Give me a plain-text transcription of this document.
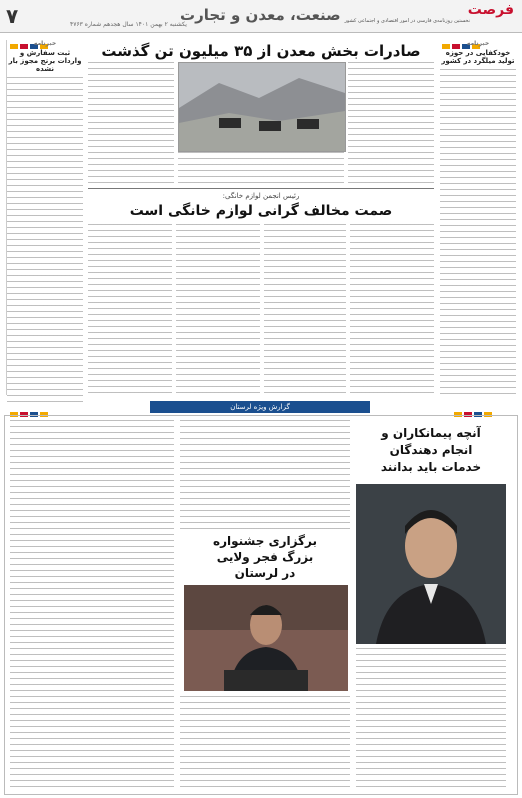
۷	صنعت، معدن و تجارت
یکشنبه ۲ بهمن ۱۴۰۱ سال هجدهم شماره ۴۷۶۳
فرصت
نخستین روزنامه‌ی فارسی در امور اقتصادی و اجتماعی کشور
خبرنامه
ثبت سفارش و واردات برنج مجوز بار نشده
خبرنامه
خودکفایی در حوزه تولید میلگرد در کشور
صادرات بخش معدن از ۳۵ میلیون تن گذشت
رئیس انجمن لوازم خانگی:
صمت مخالف گرانی لوازم خانگی است
گزارش ویژه لرستان
آنچه پیمانکاران و
انجام دهندگان
خدمات باید بدانند
برگزاری جشنواره
بزرگ فجر ولایی
در لرستان
